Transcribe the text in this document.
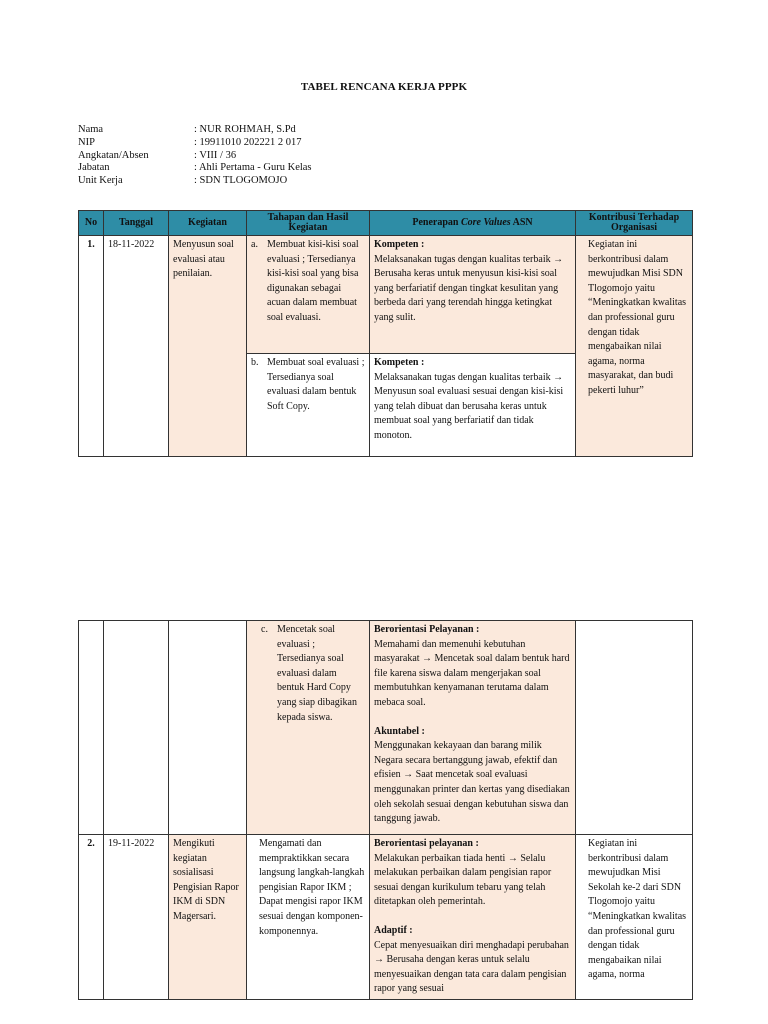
TABEL RENCANA KERJA PPPK
Nama	: NUR ROHMAH, S.Pd
NIP	: 19911010 202221 2 017
Angkatan/Absen	: VIII / 36
Jabatan	: Ahli Pertama - Guru Kelas
Unit Kerja	: SDN TLOGOMOJO
No	Tanggal	Kegiatan	Tahapan dan Hasil Kegiatan	Penerapan Core Values ASN	Kontribusi Terhadap Organisasi
1.	18-11-2022	Menyusun soal evaluasi atau penilaian.	a. Membuat kisi-kisi soal evaluasi ; Tersedianya kisi-kisi soal yang bisa digunakan sebagai acuan dalam membuat soal evaluasi.	Kompeten :
Melaksanakan tugas dengan kualitas terbaik → Berusaha keras untuk menyusun kisi-kisi soal yang berfariatif dengan tingkat kesulitan yang berbeda dari yang terendah hingga ketingkat yang sulit.	Kegiatan ini berkontribusi dalam mewujudkan Misi SDN Tlogomojo yaitu “Meningkatkan kwalitas dan professional guru dengan tidak mengabaikan nilai agama, norma masyarakat, dan budi pekerti luhur”

			b. Membuat soal evaluasi ; Tersedianya soal evaluasi dalam bentuk Soft Copy.	Kompeten :
Melaksanakan tugas dengan kualitas terbaik → Menyusun soal evaluasi sesuai dengan kisi-kisi yang telah dibuat dan berusaha keras untuk membuat soal yang berfariatif dan tidak monoton.	

			c. Mencetak soal evaluasi ; Tersedianya soal evaluasi dalam bentuk Hard Copy yang siap dibagikan kepada siswa.	Berorientasi Pelayanan :
Memahami dan memenuhi kebutuhan masyarakat → Mencetak soal dalam bentuk hard file karena siswa dalam mengerjakan soal membutuhkan kenyamanan terutama dalam mebaca soal.
Akuntabel :
Menggunakan kekayaan dan barang milik Negara secara bertanggung jawab, efektif dan efisien → Saat mencetak soal evaluasi menggunakan printer dan kertas yang disediakan oleh sekolah sesuai dengan kebutuhan siswa dan tanggung jawab.	
2.	19-11-2022	Mengikuti kegiatan sosialisasi Pengisian Rapor IKM di SDN Magersari.	Mengamati dan mempraktikkan secara langsung langkah-langkah pengisian Rapor IKM ; Dapat mengisi rapor IKM sesuai dengan komponen-komponennya.	Berorientasi pelayanan :
Melakukan perbaikan tiada henti → Selalu melakukan perbaikan dalam pengisian rapor sesuai dengan kurikulum tebaru yang telah ditetapkan oleh pemerintah.
Adaptif :
Cepat menyesuaikan diri menghadapi perubahan → Berusaha dengan keras untuk selalu menyesuaikan dengan tata cara dalam pengisian rapor yang sesuai	Kegiatan ini berkontribusi dalam mewujudkan Misi Sekolah ke-2 dari SDN Tlogomojo yaitu “Meningkatkan kwalitas dan professional guru dengan tidak mengabaikan nilai agama, norma
